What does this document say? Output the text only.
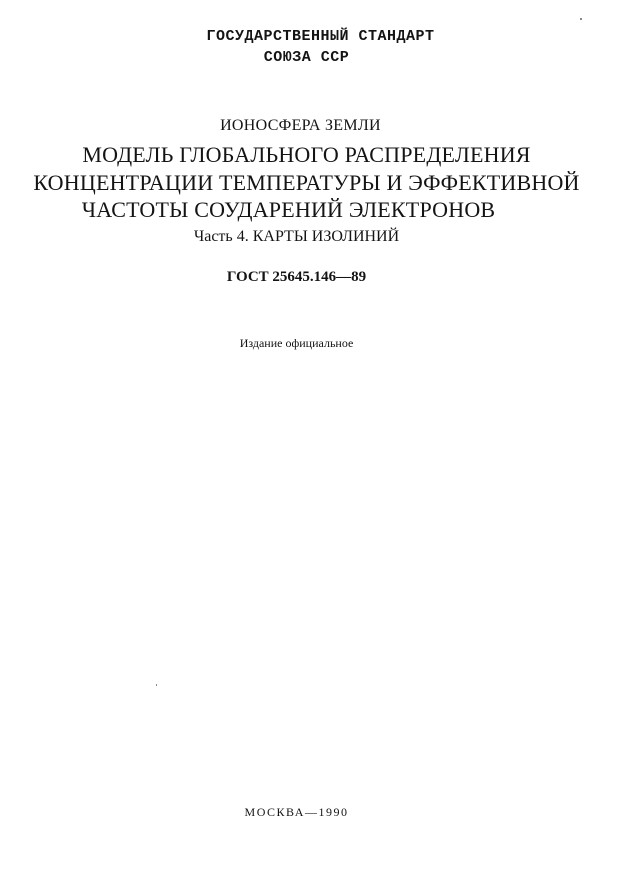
ГОСУДАРСТВЕННЫЙ СТАНДАРТ
СОЮЗА ССР
ИОНОСФЕРА ЗЕМЛИ
МОДЕЛЬ ГЛОБАЛЬНОГО РАСПРЕДЕЛЕНИЯ
КОНЦЕНТРАЦИИ ТЕМПЕРАТУРЫ И ЭФФЕКТИВНОЙ
ЧАСТОТЫ СОУДАРЕНИЙ ЭЛЕКТРОНОВ
Часть 4. КАРТЫ ИЗОЛИНИЙ
ГОСТ 25645.146—89
Издание официальное
МОСКВА—1990
